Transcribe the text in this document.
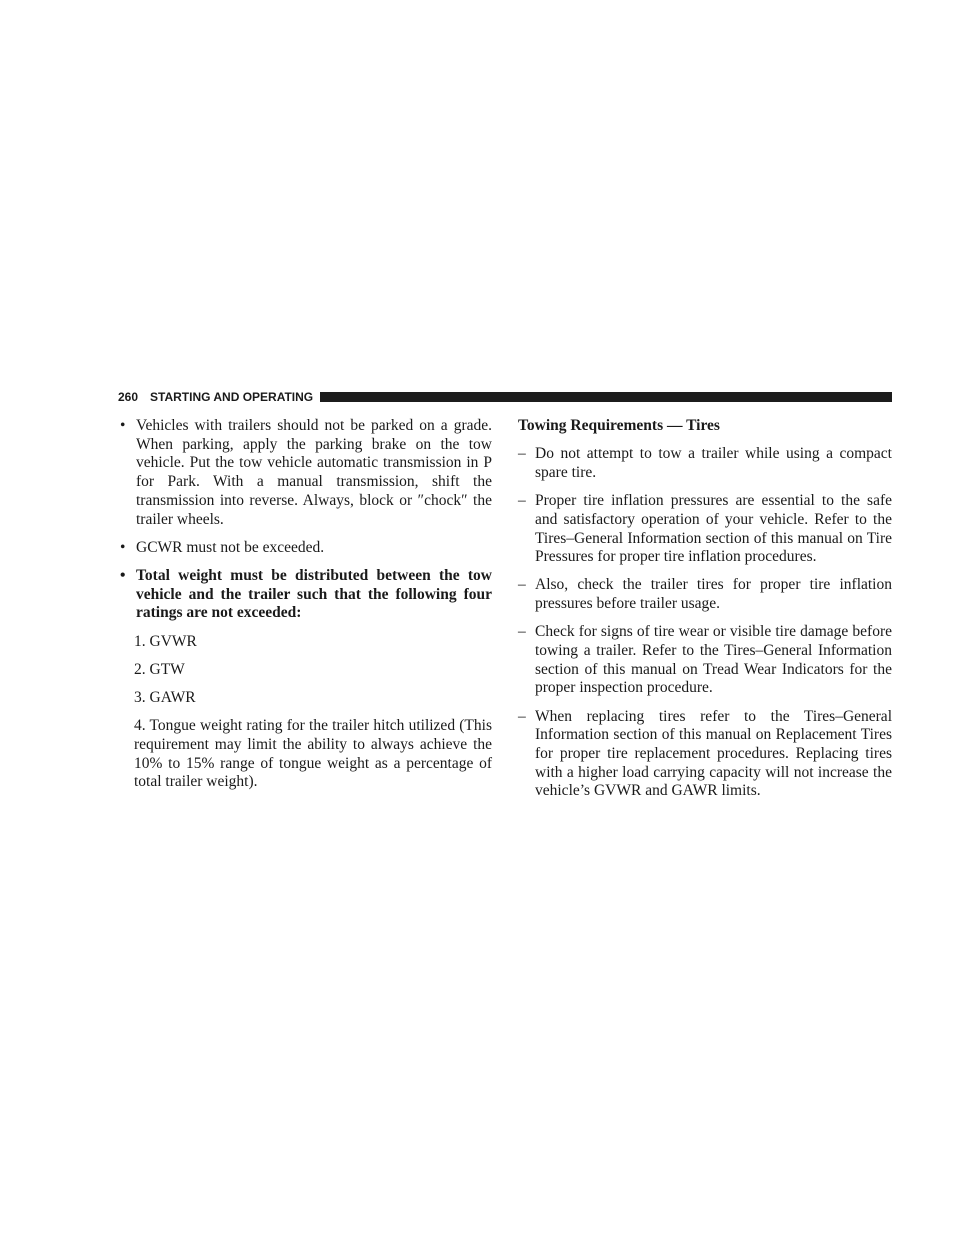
260 STARTING AND OPERATING
• Vehicles with trailers should not be parked on a grade. When parking, apply the parking brake on the tow vehicle. Put the tow vehicle automatic transmission in P for Park. With a manual transmission, shift the transmission into reverse. Always, block or ″chock″ the trailer wheels.
• GCWR must not be exceeded.
• Total weight must be distributed between the tow vehicle and the trailer such that the following four ratings are not exceeded:
1. GVWR
2. GTW
3. GAWR
4. Tongue weight rating for the trailer hitch utilized (This requirement may limit the ability to always achieve the 10% to 15% range of tongue weight as a percentage of total trailer weight).
Towing Requirements — Tires
– Do not attempt to tow a trailer while using a compact spare tire.
– Proper tire inflation pressures are essential to the safe and satisfactory operation of your vehicle. Refer to the Tires–General Information section of this manual on Tire Pressures for proper tire inflation procedures.
– Also, check the trailer tires for proper tire inflation pressures before trailer usage.
– Check for signs of tire wear or visible tire damage before towing a trailer. Refer to the Tires–General Information section of this manual on Tread Wear Indicators for the proper inspection procedure.
– When replacing tires refer to the Tires–General Information section of this manual on Replacement Tires for proper tire replacement procedures. Replacing tires with a higher load carrying capacity will not increase the vehicle’s GVWR and GAWR limits.
